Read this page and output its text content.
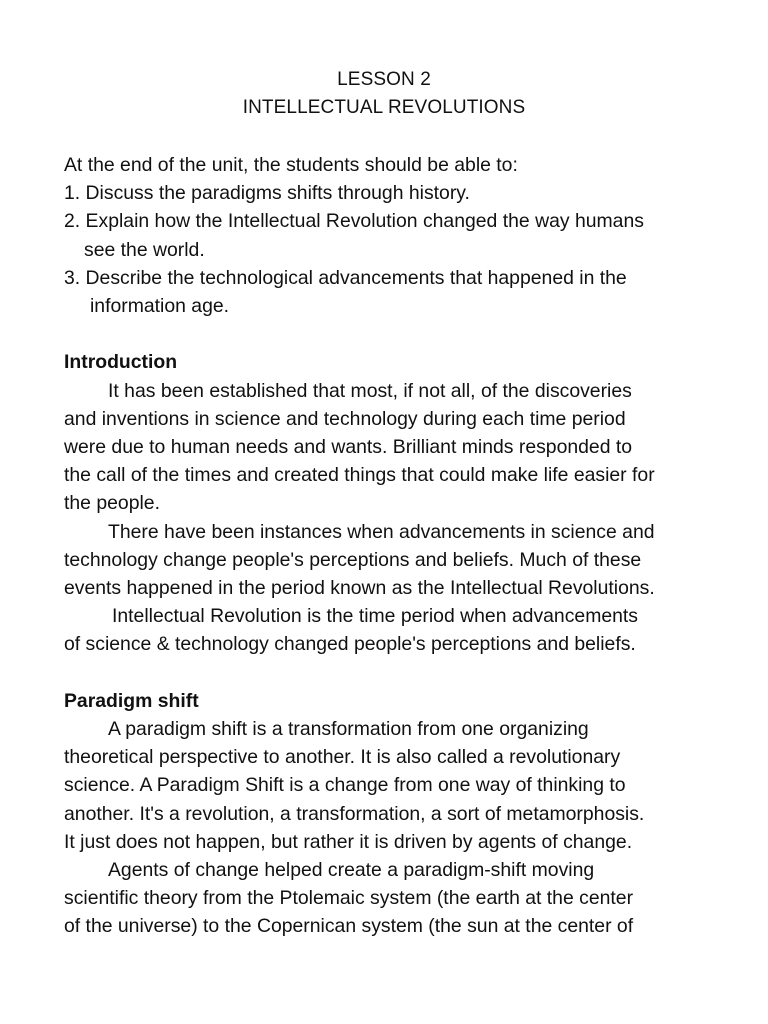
LESSON 2
INTELLECTUAL REVOLUTIONS
At the end of the unit, the students should be able to:
1. Discuss the paradigms shifts through history.
2. Explain how the Intellectual Revolution changed the way humans
see the world.
3. Describe the technological advancements that happened in the
information age.
Introduction
It has been established that most, if not all, of the discoveries
and inventions in science and technology during each time period
were due to human needs and wants. Brilliant minds responded to
the call of the times and created things that could make life easier for
the people.
There have been instances when advancements in science and
technology change people's perceptions and beliefs. Much of these
events happened in the period known as the Intellectual Revolutions.
Intellectual Revolution is the time period when advancements
of science & technology changed people's perceptions and beliefs.
Paradigm shift
A paradigm shift is a transformation from one organizing
theoretical perspective to another. It is also called a revolutionary
science. A Paradigm Shift is a change from one way of thinking to
another. It's a revolution, a transformation, a sort of metamorphosis.
It just does not happen, but rather it is driven by agents of change.
Agents of change helped create a paradigm-shift moving
scientific theory from the Ptolemaic system (the earth at the center
of the universe) to the Copernican system (the sun at the center of
